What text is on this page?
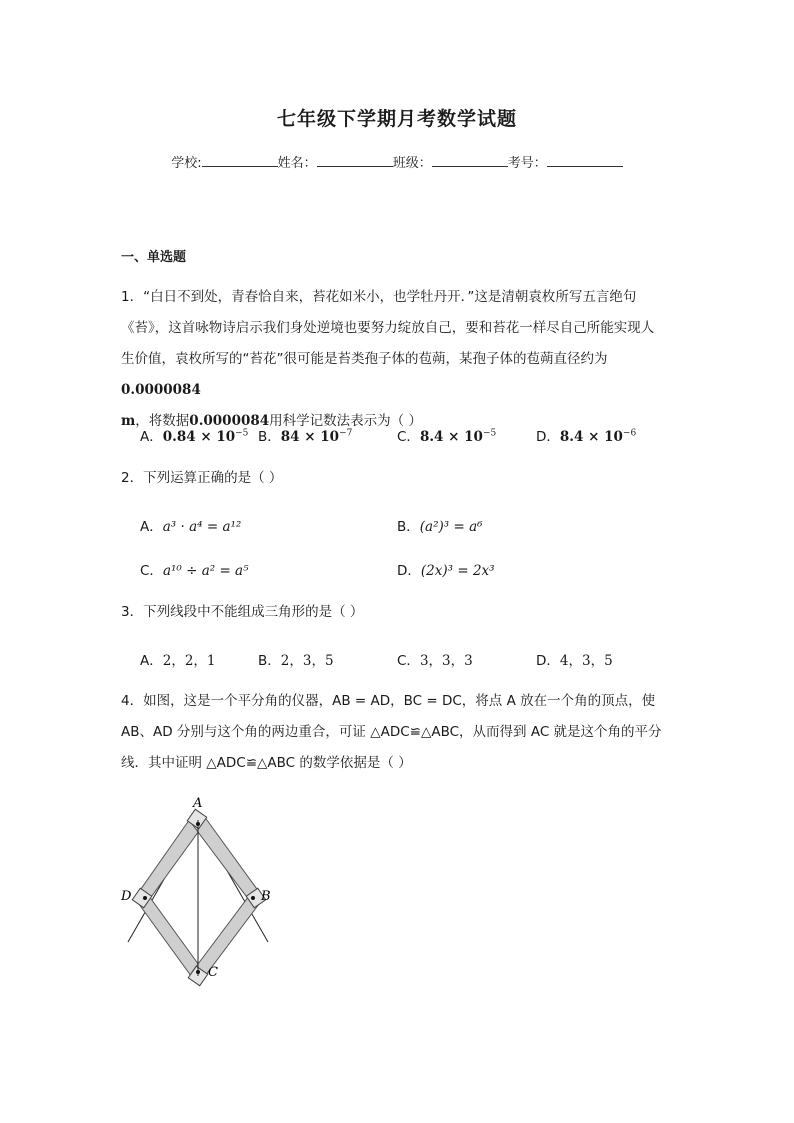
七年级下学期月考数学试题
学校:	姓名：	班级：	考号：
一、单选题
1．“白日不到处，青春恰自来，苔花如米小，也学牡丹开．”这是清朝袁枚所写五言绝句
《苔》，这首咏物诗启示我们身处逆境也要努力绽放自己，要和苔花一样尽自己所能实现人
生价值，袁枚所写的“苔花”很可能是苔类孢子体的苞蒴，某孢子体的苞蒴直径约为0.0000084
m，将数据0.0000084用科学记数法表示为（ ）
A．$0.84 \times 10^{-5}$ B．$84 \times 10^{-7}$	C．$8.4 \times 10^{-5}$	D．$8.4 \times 10^{-6}$
2．下列运算正确的是（ ）
A．a³ · a⁴ = a¹²	B．(a²)³ = a⁶
C．a¹⁰ ÷ a² = a⁵	D．(2x)³ = 2x³
3．下列线段中不能组成三角形的是（ ）
A．2，2，1	B．2，3，5	C．3，3，3	D．4，3，5
4．如图，这是一个平分角的仪器，AB = AD，BC = DC，将点 A 放在一个角的顶点，使
AB、AD 分别与这个角的两边重合，可证 △ADC≌△ABC，从而得到 AC 就是这个角的平分
线．其中证明 △ADC≌△ABC 的数学依据是（ ）
A
D	B
C
